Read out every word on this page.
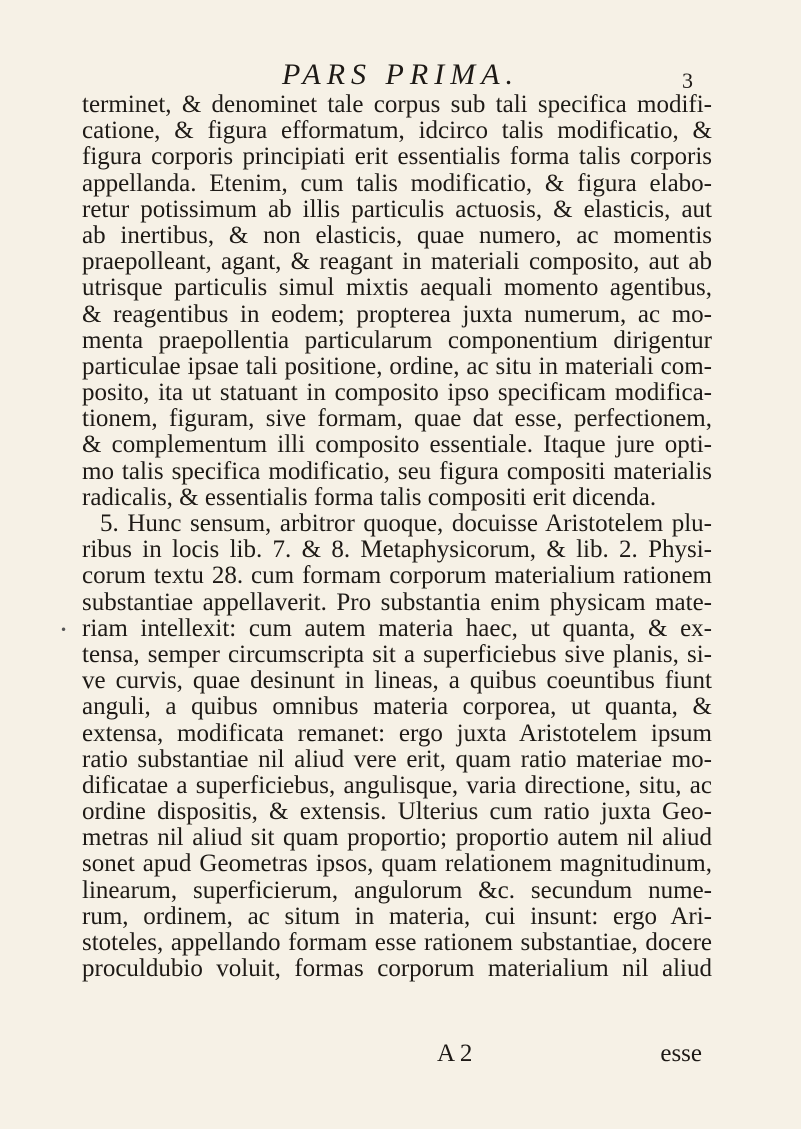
PARS PRIMA.	3
•
terminet, & denominet tale corpus sub tali specifica modifi-
catione, & figura efformatum, idcirco talis modificatio, &
figura corporis principiati erit essentialis forma talis corporis
appellanda. Etenim, cum talis modificatio, & figura elabo-
retur potissimum ab illis particulis actuosis, & elasticis, aut
ab inertibus, & non elasticis, quae numero, ac momentis
praepolleant, agant, & reagant in materiali composito, aut ab
utrisque particulis simul mixtis aequali momento agentibus,
& reagentibus in eodem; propterea juxta numerum, ac mo-
menta praepollentia particularum componentium dirigentur
particulae ipsae tali positione, ordine, ac situ in materiali com-
posito, ita ut statuant in composito ipso specificam modifica-
tionem, figuram, sive formam, quae dat esse, perfectionem,
& complementum illi composito essentiale. Itaque jure opti-
mo talis specifica modificatio, seu figura compositi materialis
radicalis, & essentialis forma talis compositi erit dicenda.
5. Hunc sensum, arbitror quoque, docuisse Aristotelem plu-
ribus in locis lib. 7. & 8. Metaphysicorum, & lib. 2. Physi-
corum textu 28. cum formam corporum materialium rationem
substantiae appellaverit. Pro substantia enim physicam mate-
riam intellexit: cum autem materia haec, ut quanta, & ex-
tensa, semper circumscripta sit a superficiebus sive planis, si-
ve curvis, quae desinunt in lineas, a quibus coeuntibus fiunt
anguli, a quibus omnibus materia corporea, ut quanta, &
extensa, modificata remanet: ergo juxta Aristotelem ipsum
ratio substantiae nil aliud vere erit, quam ratio materiae mo-
dificatae a superficiebus, angulisque, varia directione, situ, ac
ordine dispositis, & extensis. Ulterius cum ratio juxta Geo-
metras nil aliud sit quam proportio; proportio autem nil aliud
sonet apud Geometras ipsos, quam relationem magnitudinum,
linearum, superficierum, angulorum &c. secundum nume-
rum, ordinem, ac situm in materia, cui insunt: ergo Ari-
stoteles, appellando formam esse rationem substantiae, docere
proculdubio voluit, formas corporum materialium nil aliud
A 2	esse
